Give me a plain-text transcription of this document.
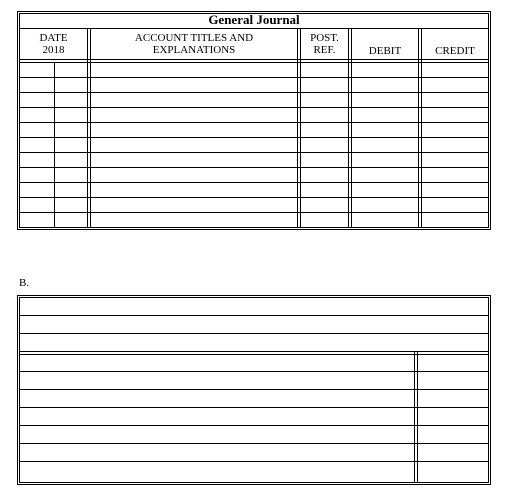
General Journal
DATE
2018
ACCOUNT TITLES AND
EXPLANATIONS
POST.
REF.	DEBIT	CREDIT
B.
